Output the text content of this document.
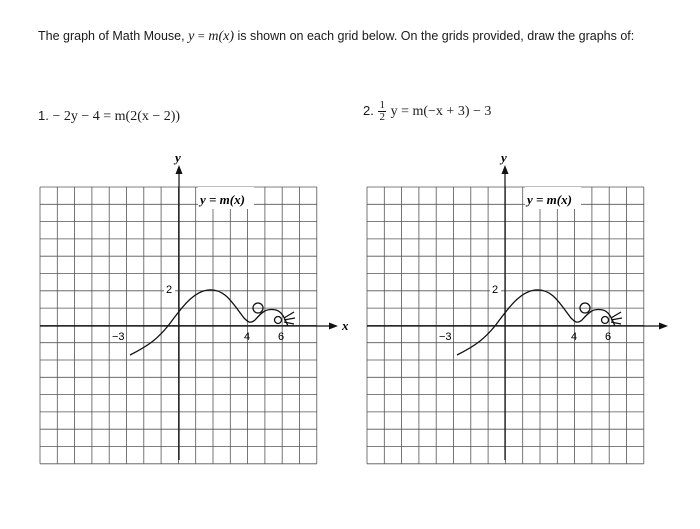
The graph of Math Mouse, y = m(x) is shown on each grid below. On the grids provided, draw the graphs of:
1. − 2y − 4 = m(2(x − 2))	2. $\frac{1}{2}$ y = m(−x + 3) − 3
y
x
y = m(x)
2
−3	4	6
y
y = m(x)
2
−3	4	6
